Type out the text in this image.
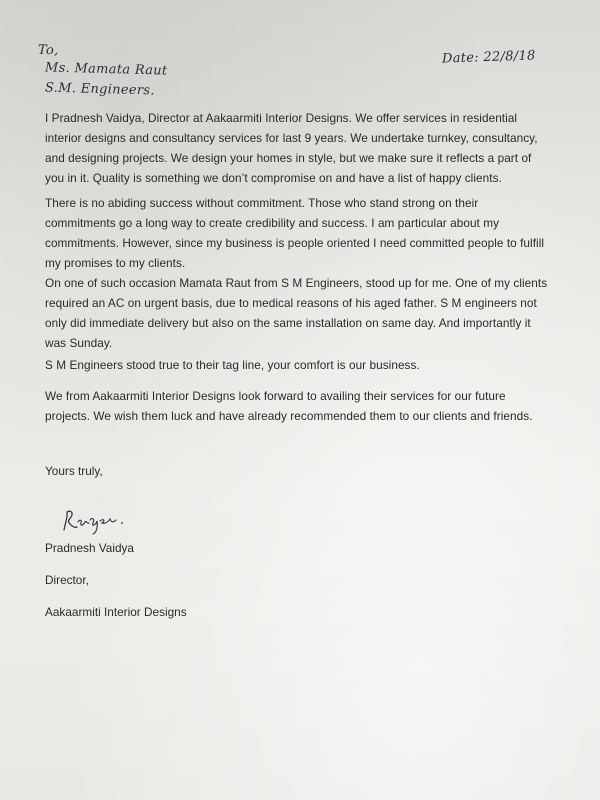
To,
Ms. Mamata Raut
S.M. Engineers.
Date: 22/8/18
I Pradnesh Vaidya, Director at Aakaarmiti Interior Designs. We offer services in residential
interior designs and consultancy services for last 9 years. We undertake turnkey, consultancy,
and designing projects. We design your homes in style, but we make sure it reflects a part of
you in it. Quality is something we don’t compromise on and have a list of happy clients.
There is no abiding success without commitment. Those who stand strong on their
commitments go a long way to create credibility and success. I am particular about my
commitments. However, since my business is people oriented I need committed people to fulfill
my promises to my clients.
On one of such occasion Mamata Raut from S M Engineers, stood up for me. One of my clients
required an AC on urgent basis, due to medical reasons of his aged father. S M engineers not
only did immediate delivery but also on the same installation on same day. And importantly it
was Sunday.
S M Engineers stood true to their tag line, your comfort is our business.
We from Aakaarmiti Interior Designs look forward to availing their services for our future
projects. We wish them luck and have already recommended them to our clients and friends.
Yours truly,
Pradnesh Vaidya
Director,
Aakaarmiti Interior Designs
